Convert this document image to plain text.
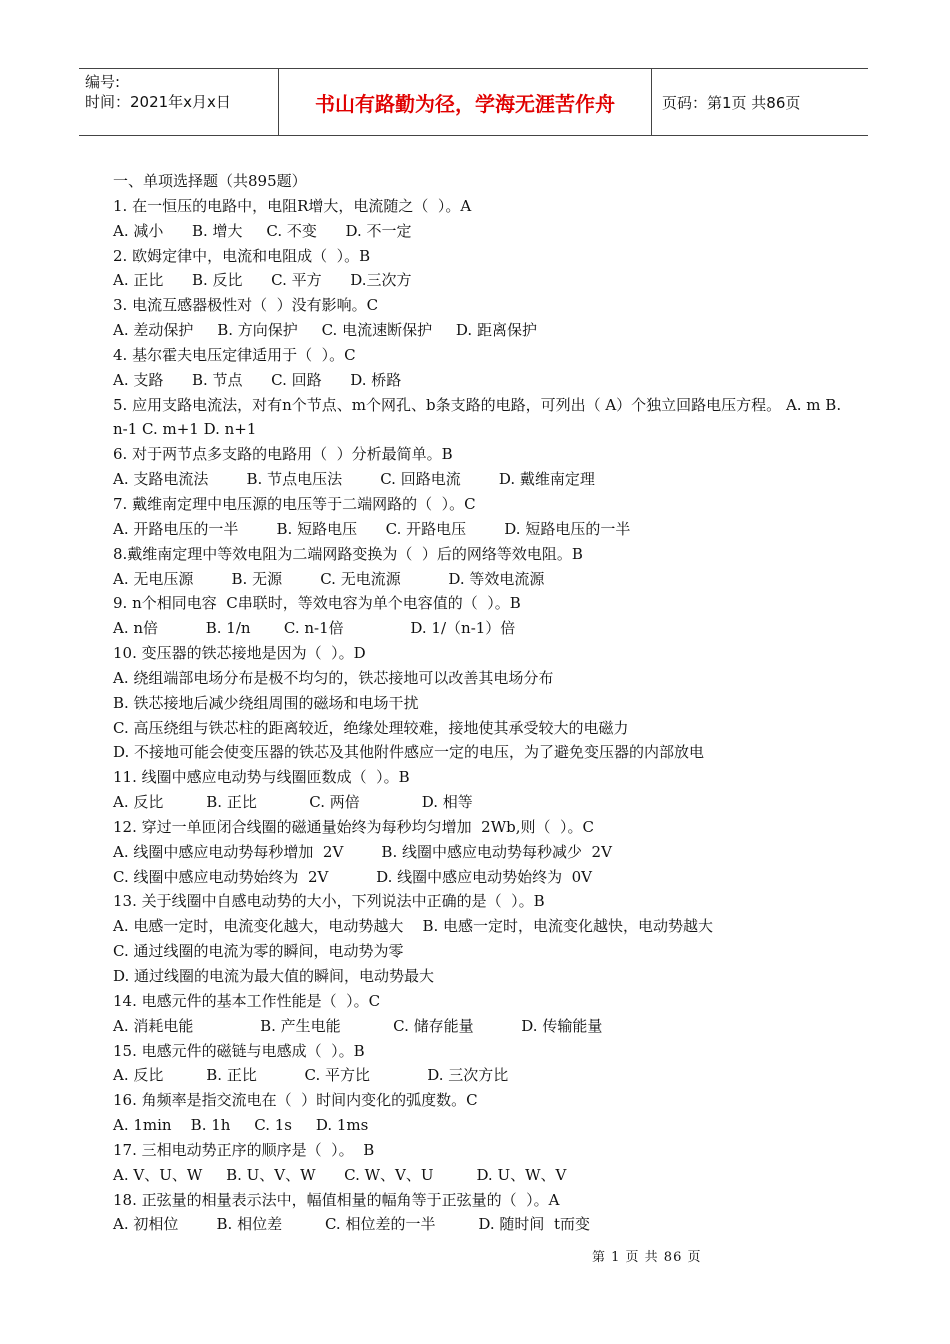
编号:
时间：2021年x月x日	书山有路勤为径，学海无涯苦作舟	页码：第1页 共86页
一、单项选择题（共895题）
1. 在一恒压的电路中，电阻R增大，电流随之（  ）。A
A. 减小      B. 增大     C. 不变      D. 不一定
2. 欧姆定律中，电流和电阻成（  ）。B
A. 正比      B. 反比      C. 平方      D.三次方
3. 电流互感器极性对（  ）没有影响。C
A. 差动保护     B. 方向保护     C. 电流速断保护     D. 距离保护
4. 基尔霍夫电压定律适用于（  ）。C
A. 支路      B. 节点      C. 回路      D. 桥路
5. 应用支路电流法，对有n个节点、m个网孔、b条支路的电路，可列出（ A）个独立回路电压方程。 A. m B. n-1 C. m+1 D. n+1
6. 对于两节点多支路的电路用（  ）分析最简单。B
A. 支路电流法        B. 节点电压法        C. 回路电流        D. 戴维南定理
7. 戴维南定理中电压源的电压等于二端网路的（  ）。C
A. 开路电压的一半        B. 短路电压      C. 开路电压        D. 短路电压的一半
8.戴维南定理中等效电阻为二端网路变换为（  ）后的网络等效电阻。B
A. 无电压源        B. 无源        C. 无电流源          D. 等效电流源
9. n个相同电容  C串联时，等效电容为单个电容值的（  ）。B
A. n倍          B. 1/n       C. n-1倍              D. 1/（n-1）倍
10. 变压器的铁芯接地是因为（  ）。D
A. 绕组端部电场分布是极不均匀的，铁芯接地可以改善其电场分布
B. 铁芯接地后减少绕组周围的磁场和电场干扰
C. 高压绕组与铁芯柱的距离较近，绝缘处理较难，接地使其承受较大的电磁力
D. 不接地可能会使变压器的铁芯及其他附件感应一定的电压，为了避免变压器的内部放电
11. 线圈中感应电动势与线圈匝数成（  ）。B
A. 反比         B. 正比           C. 两倍             D. 相等
12. 穿过一单匝闭合线圈的磁通量始终为每秒均匀增加  2Wb,则（  ）。C
A. 线圈中感应电动势每秒增加  2V        B. 线圈中感应电动势每秒减少  2V
C. 线圈中感应电动势始终为  2V          D. 线圈中感应电动势始终为  0V
13. 关于线圈中自感电动势的大小，下列说法中正确的是（  ）。B
A. 电感一定时，电流变化越大，电动势越大    B. 电感一定时，电流变化越快，电动势越大
C. 通过线圈的电流为零的瞬间，电动势为零
D. 通过线圈的电流为最大值的瞬间，电动势最大
14. 电感元件的基本工作性能是（  ）。C
A. 消耗电能              B. 产生电能           C. 储存能量          D. 传输能量
15. 电感元件的磁链与电感成（  ）。B
A. 反比         B. 正比          C. 平方比            D. 三次方比
16. 角频率是指交流电在（  ）时间内变化的弧度数。C
A. 1min    B. 1h     C. 1s     D. 1ms
17. 三相电动势正序的顺序是（  ）。  B
A. V、U、W     B. U、V、W      C. W、V、U         D. U、W、V
18. 正弦量的相量表示法中，幅值相量的幅角等于正弦量的（  ）。A
A. 初相位        B. 相位差         C. 相位差的一半         D. 随时间  t而变
第 1 页 共 86 页
